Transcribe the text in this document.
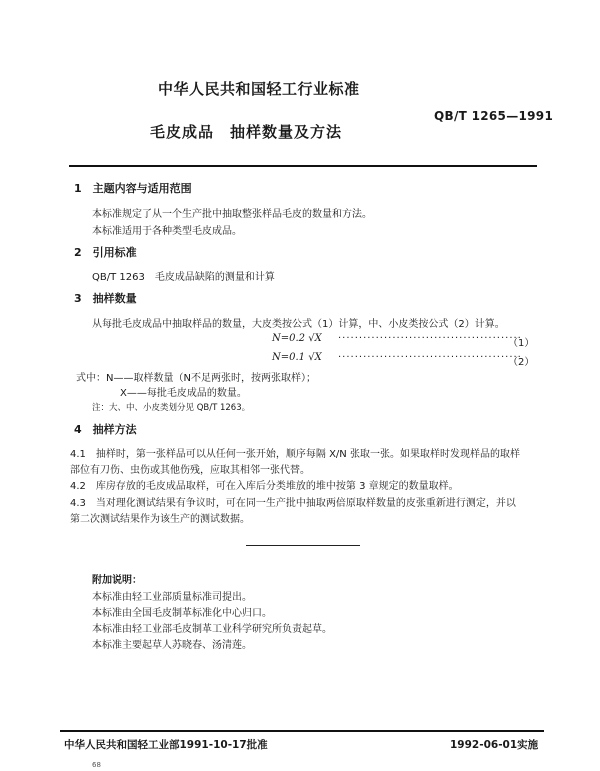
中华人民共和国轻工行业标准
QB/T 1265—1991
毛皮成品　抽样数量及方法
1　主题内容与适用范围
本标准规定了从一个生产批中抽取整张样品毛皮的数量和方法。
本标准适用于各种类型毛皮成品。
2　引用标准
QB/T 1263　毛皮成品缺陷的测量和计算
3　抽样数量
从每批毛皮成品中抽取样品的数量，大皮类按公式（1）计算，中、小皮类按公式（2）计算。
N=0.2 √X ············································
（1）
N=0.1 √X ············································
（2）
式中：N——取样数量（N不足两张时，按两张取样）；
X——每批毛皮成品的数量。
注：大、中、小皮类划分见 QB/T 1263。
4　抽样方法
4.1　抽样时，第一张样品可以从任何一张开始，顺序每隔 X/N 张取一张。如果取样时发现样品的取样
部位有刀伤、虫伤或其他伤残，应取其相邻一张代替。
4.2　库房存放的毛皮成品取样，可在入库后分类堆放的堆中按第 3 章规定的数量取样。
4.3　当对理化测试结果有争议时，可在同一生产批中抽取两倍原取样数量的皮张重新进行测定，并以
第二次测试结果作为该生产的测试数据。
附加说明：
本标准由轻工业部质量标准司提出。
本标准由全国毛皮制革标准化中心归口。
本标准由轻工业部毛皮制革工业科学研究所负责起草。
本标准主要起草人苏晓春、汤清莲。
中华人民共和国轻工业部1991-10-17批准	1992-06-01实施
68
